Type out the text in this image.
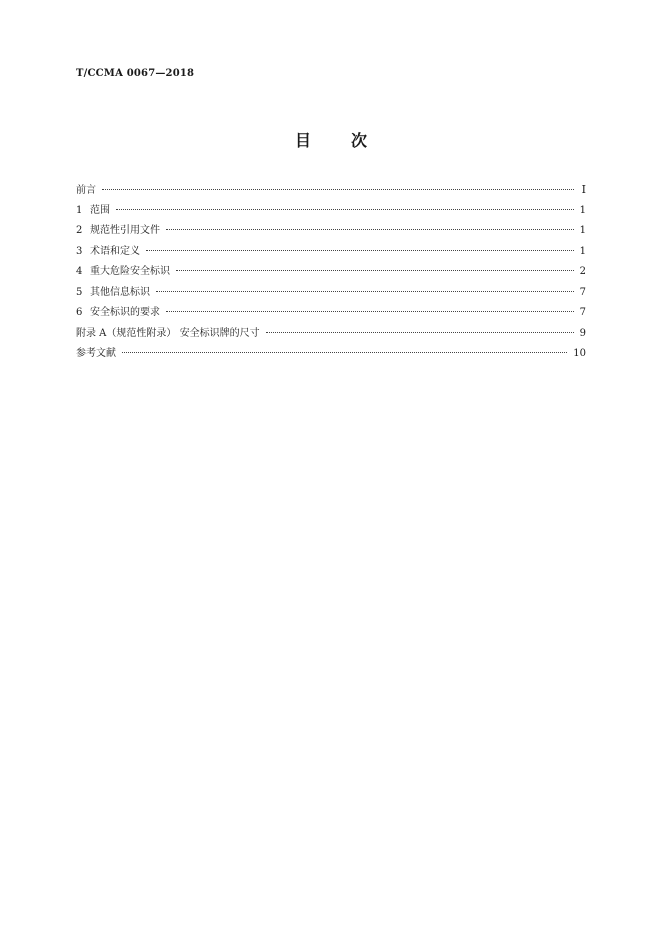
T/CCMA 0067—2018
目	次
前言	I
1 范围	1
2 规范性引用文件	1
3 术语和定义	1
4 重大危险安全标识	2
5 其他信息标识	7
6 安全标识的要求	7
附录 A（规范性附录） 安全标识牌的尺寸	9
参考文献	10
